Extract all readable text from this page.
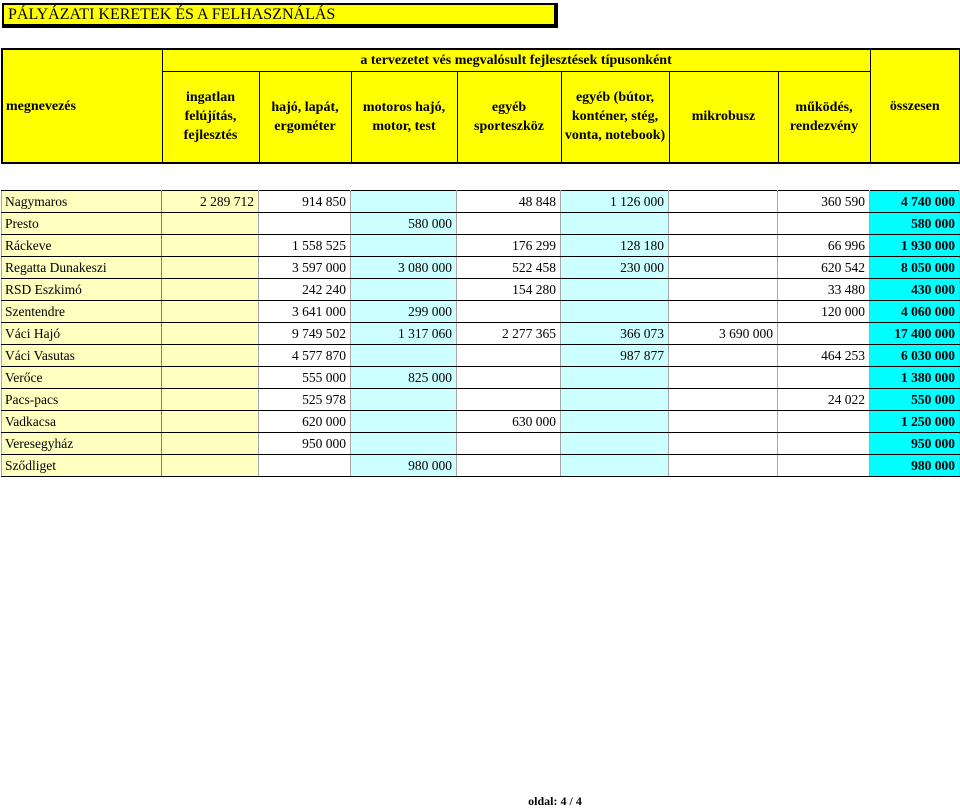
PÁLYÁZATI KERETEK ÉS A FELHASZNÁLÁS
megnevezés	a tervezetet vés megvalósult fejlesztések típusonként							összesen
	ingatlan felújítás, fejlesztés	hajó, lapát, ergométer	motoros hajó, motor, test	egyéb sporteszköz	egyéb (bútor, konténer, stég, vonta, notebook)	mikrobusz	működés, rendezvény	
Nagymaros	2 289 712	914 850		48 848	1 126 000		360 590	4 740 000
Presto			580 000					580 000
Ráckeve		1 558 525		176 299	128 180		66 996	1 930 000
Regatta Dunakeszi		3 597 000	3 080 000	522 458	230 000		620 542	8 050 000
RSD Eszkimó		242 240		154 280			33 480	430 000
Szentendre		3 641 000	299 000				120 000	4 060 000
Váci Hajó		9 749 502	1 317 060	2 277 365	366 073	3 690 000		17 400 000
Váci Vasutas		4 577 870			987 877		464 253	6 030 000
Verőce		555 000	825 000					1 380 000
Pacs-pacs		525 978					24 022	550 000
Vadkacsa		620 000		630 000				1 250 000
Veresegyház		950 000						950 000
Sződliget			980 000					980 000
oldal: 4 / 4
